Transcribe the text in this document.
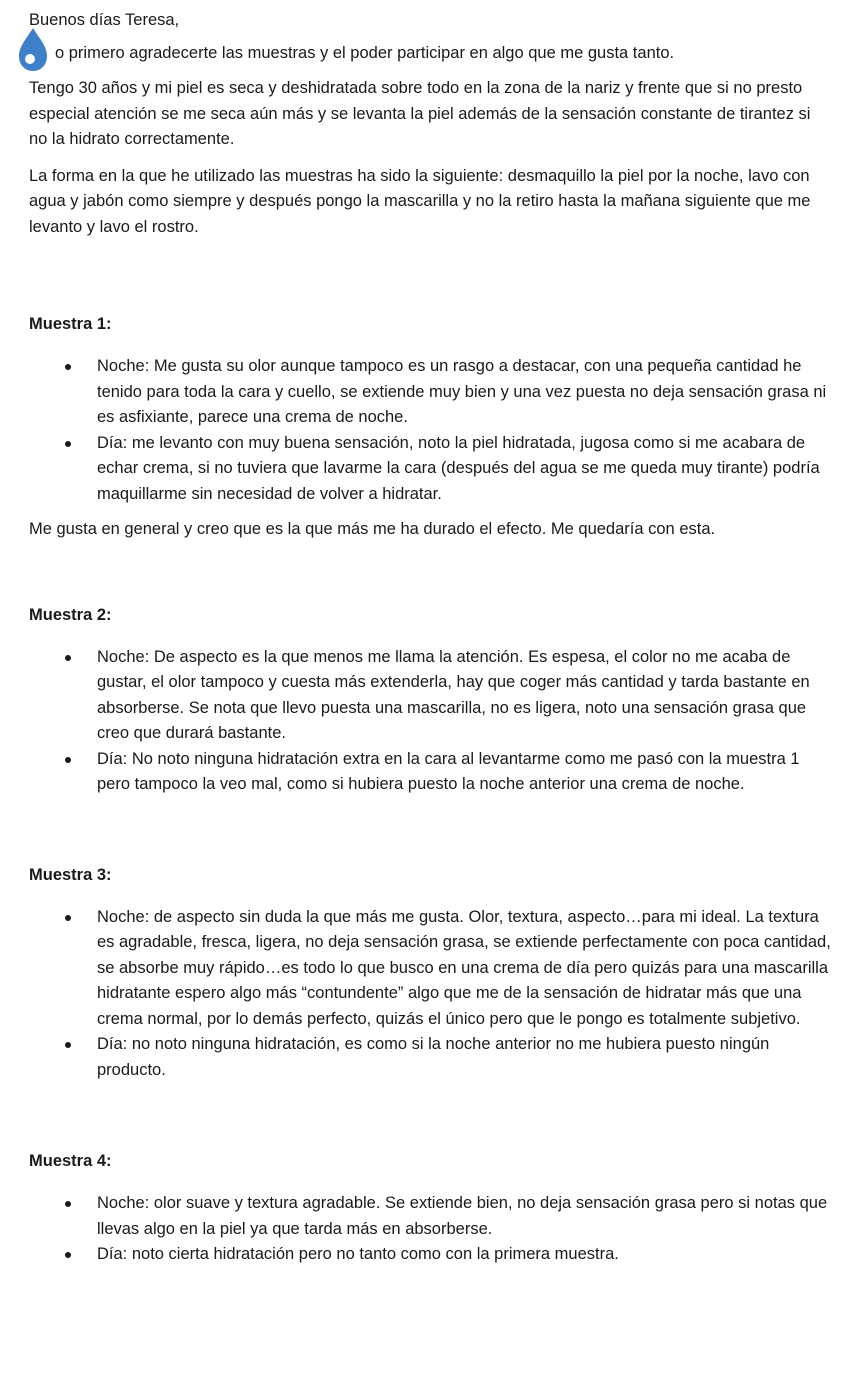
Buenos días Teresa,

o primero agradecerte las muestras y el poder participar en algo que me gusta tanto.

Tengo 30 años y mi piel es seca y deshidratada sobre todo en la zona de la nariz y frente que si no presto especial atención se me seca aún más y se levanta la piel además de la sensación constante de tirantez si no la hidrato correctamente.

La forma en la que he utilizado las muestras ha sido la siguiente: desmaquillo la piel por la noche, lavo con agua y jabón como siempre y después pongo la mascarilla y no la retiro hasta la mañana siguiente que me levanto y lavo el rostro.

Muestra 1:
Noche: Me gusta su olor aunque tampoco es un rasgo a destacar, con una pequeña cantidad he tenido para toda la cara y cuello, se extiende muy bien y una vez puesta no deja sensación grasa ni es asfixiante, parece una crema de noche.
Día: me levanto con muy buena sensación, noto la piel hidratada, jugosa como si me acabara de echar crema, si no tuviera que lavarme la cara (después del agua se me queda muy tirante) podría maquillarme sin necesidad de volver a hidratar.

Me gusta en general y creo que es la que más me ha durado el efecto. Me quedaría con esta.

Muestra 2:
Noche: De aspecto es la que menos me llama la atención. Es espesa, el color no me acaba de gustar, el olor tampoco y cuesta más extenderla, hay que coger más cantidad y tarda bastante en absorberse. Se nota que llevo puesta una mascarilla, no es ligera, noto una sensación grasa que creo que durará bastante.
Día: No noto ninguna hidratación extra en la cara al levantarme como me pasó con la muestra 1 pero tampoco la veo mal, como si hubiera puesto la noche anterior una crema de noche.
Muestra 3:
Noche: de aspecto sin duda la que más me gusta. Olor, textura, aspecto…para mi ideal. La textura es agradable, fresca, ligera, no deja sensación grasa, se extiende perfectamente con poca cantidad, se absorbe muy rápido…es todo lo que busco en una crema de día pero quizás para una mascarilla hidratante espero algo más “contundente” algo que me de la sensación de hidratar más que una crema normal, por lo demás perfecto, quizás el único pero que le pongo es totalmente subjetivo.
Día: no noto ninguna hidratación, es como si la noche anterior no me hubiera puesto ningún producto.
Muestra 4:
Noche: olor suave y textura agradable. Se extiende bien, no deja sensación grasa pero si notas que llevas algo en la piel ya que tarda más en absorberse.
Día: noto cierta hidratación pero no tanto como con la primera muestra.
